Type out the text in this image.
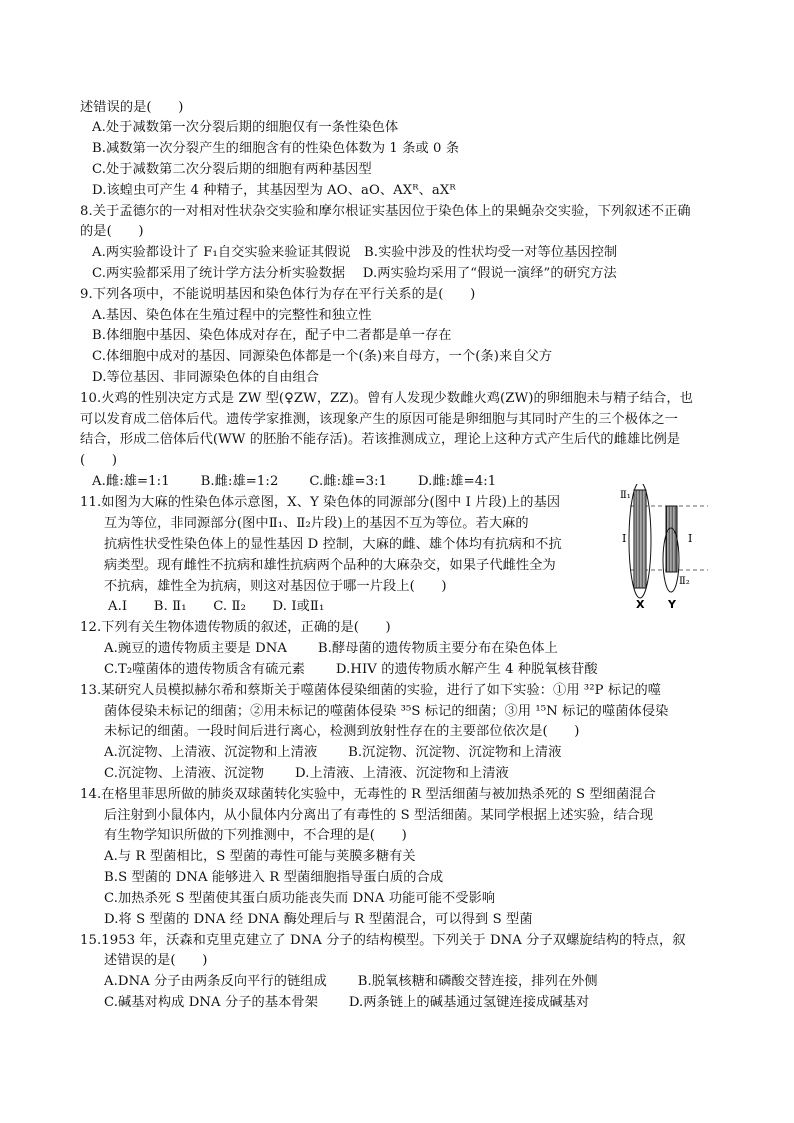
述错误的是(　　)
A.处于减数第一次分裂后期的细胞仅有一条性染色体
B.减数第一次分裂产生的细胞含有的性染色体数为 1 条或 0 条
C.处于减数第二次分裂后期的细胞有两种基因型
D.该蝗虫可产生 4 种精子，其基因型为 AO、aO、AXᴿ、aXᴿ
8.关于孟德尔的一对相对性状杂交实验和摩尔根证实基因位于染色体上的果蝇杂交实验，下列叙述不正确
的是(　　)
A.两实验都设计了 F₁自交实验来验证其假说　B.实验中涉及的性状均受一对等位基因控制
C.两实验都采用了统计学方法分析实验数据　 D.两实验均采用了“假说一演绎”的研究方法
9.下列各项中，不能说明基因和染色体行为存在平行关系的是(　　)
A.基因、染色体在生殖过程中的完整性和独立性
B.体细胞中基因、染色体成对存在，配子中二者都是单一存在
C.体细胞中成对的基因、同源染色体都是一个(条)来自母方，一个(条)来自父方
D.等位基因、非同源染色体的自由组合
10.火鸡的性别决定方式是 ZW 型(♀ZW，ZZ)。曾有人发现少数雌火鸡(ZW)的卵细胞未与精子结合，也
可以发育成二倍体后代。遗传学家推测，该现象产生的原因可能是卵细胞与其同时产生的三个极体之一
结合，形成二倍体后代(WW 的胚胎不能存活)。若该推测成立，理论上这种方式产生后代的雌雄比例是
(　　)
A.雌:雄=1:1　　 B.雌:雄=1:2　　 C.雌:雄=3:1　　 D.雌:雄=4:1
11.如图为大麻的性染色体示意图，X、Y 染色体的同源部分(图中 I 片段)上的基因
互为等位，非同源部分(图中Ⅱ₁、Ⅱ₂片段)上的基因不互为等位。若大麻的
抗病性状受性染色体上的显性基因 D 控制，大麻的雌、雄个体均有抗病和不抗
病类型。现有雌性不抗病和雄性抗病两个品种的大麻杂交，如果子代雌性全为
不抗病，雄性全为抗病，则这对基因位于哪一片段上(　　)
A.I　　B. Ⅱ₁　　C. Ⅱ₂　　D. Ⅰ或Ⅱ₁
12.下列有关生物体遗传物质的叙述，正确的是(　　)
A.豌豆的遗传物质主要是 DNA　　 B.酵母菌的遗传物质主要分布在染色体上
C.T₂噬菌体的遗传物质含有硫元素　　 D.HIV 的遗传物质水解产生 4 种脱氧核苷酸
13.某研究人员模拟赫尔希和蔡斯关于噬菌体侵染细菌的实验，进行了如下实验：①用 ³²P 标记的噬
菌体侵染未标记的细菌；②用未标记的噬菌体侵染 ³⁵S 标记的细菌；③用 ¹⁵N 标记的噬菌体侵染
未标记的细菌。一段时间后进行离心，检测到放射性存在的主要部位依次是(　　)
A.沉淀物、上清液、沉淀物和上清液　　 B.沉淀物、沉淀物、沉淀物和上清液
C.沉淀物、上清液、沉淀物　　 D.上清液、上清液、沉淀物和上清液
14.在格里菲思所做的肺炎双球菌转化实验中，无毒性的 R 型活细菌与被加热杀死的 S 型细菌混合
后注射到小鼠体内，从小鼠体内分离出了有毒性的 S 型活细菌。某同学根据上述实验，结合现
有生物学知识所做的下列推测中，不合理的是(　　)
A.与 R 型菌相比，S 型菌的毒性可能与荚膜多糖有关
B.S 型菌的 DNA 能够进入 R 型菌细胞指导蛋白质的合成
C.加热杀死 S 型菌使其蛋白质功能丧失而 DNA 功能可能不受影响
D.将 S 型菌的 DNA 经 DNA 酶处理后与 R 型菌混合，可以得到 S 型菌
15.1953 年，沃森和克里克建立了 DNA 分子的结构模型。下列关于 DNA 分子双螺旋结构的特点，叙
述错误的是(　　)
A.DNA 分子由两条反向平行的链组成　　 B.脱氧核糖和磷酸交替连接，排列在外侧
C.碱基对构成 DNA 分子的基本骨架　　 D.两条链上的碱基通过氢键连接成碱基对
Ⅱ₁
I	I
Ⅱ₂
X Y
